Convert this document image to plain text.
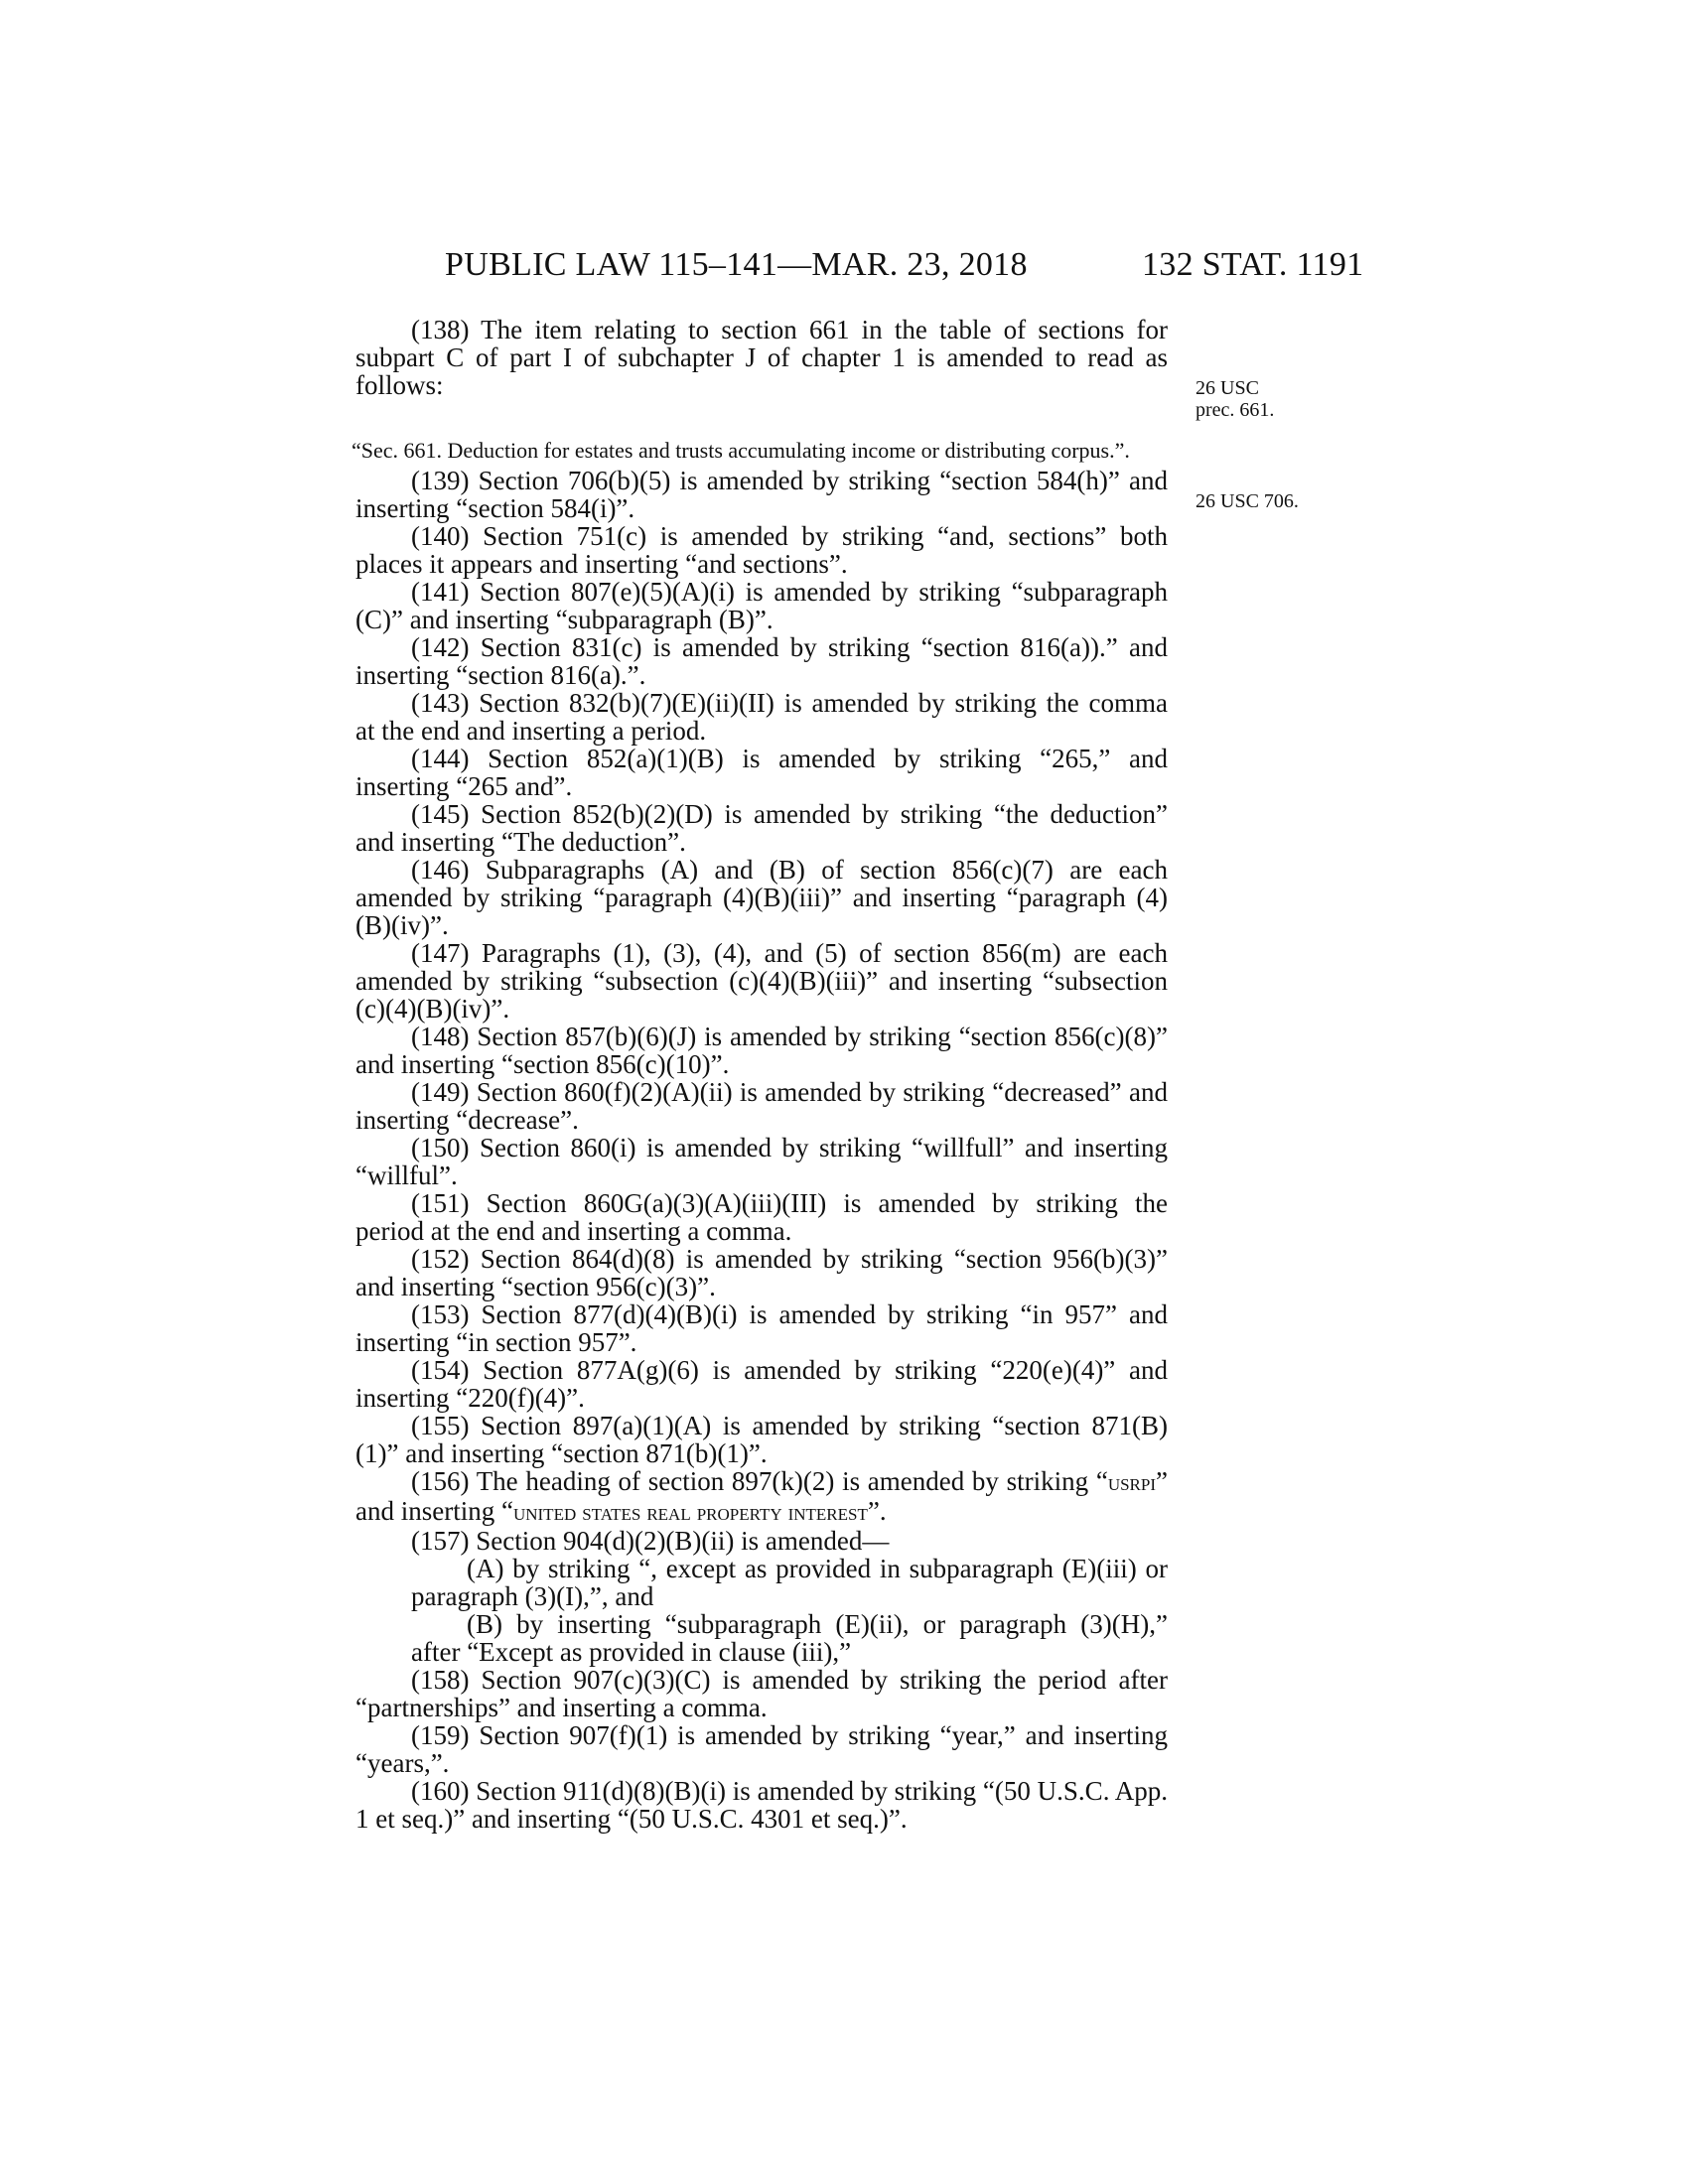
PUBLIC LAW 115–141—MAR. 23, 2018	132 STAT. 1191
26 USC prec. 661.
26 USC 706.

(138) The item relating to section 661 in the table of sections for subpart C of part I of subchapter J of chapter 1 is amended to read as follows:

“Sec. 661. Deduction for estates and trusts accumulating income or distributing corpus.”.

(139) Section 706(b)(5) is amended by striking “section 584(h)” and inserting “section 584(i)”.

(140) Section 751(c) is amended by striking “and, sections” both places it appears and inserting “and sections”.

(141) Section 807(e)(5)(A)(i) is amended by striking “subparagraph (C)” and inserting “subparagraph (B)”.

(142) Section 831(c) is amended by striking “section 816(a)).” and inserting “section 816(a).”.

(143) Section 832(b)(7)(E)(ii)(II) is amended by striking the comma at the end and inserting a period.

(144) Section 852(a)(1)(B) is amended by striking “265,” and inserting “265 and”.

(145) Section 852(b)(2)(D) is amended by striking “the deduction” and inserting “The deduction”.

(146) Subparagraphs (A) and (B) of section 856(c)(7) are each amended by striking “paragraph (4)(B)(iii)” and inserting “paragraph (4)(B)(iv)”.

(147) Paragraphs (1), (3), (4), and (5) of section 856(m) are each amended by striking “subsection (c)(4)(B)(iii)” and inserting “subsection (c)(4)(B)(iv)”.

(148) Section 857(b)(6)(J) is amended by striking “section 856(c)(8)” and inserting “section 856(c)(10)”.

(149) Section 860(f)(2)(A)(ii) is amended by striking “decreased” and inserting “decrease”.

(150) Section 860(i) is amended by striking “willfull” and inserting “willful”.

(151) Section 860G(a)(3)(A)(iii)(III) is amended by striking the period at the end and inserting a comma.

(152) Section 864(d)(8) is amended by striking “section 956(b)(3)” and inserting “section 956(c)(3)”.

(153) Section 877(d)(4)(B)(i) is amended by striking “in 957” and inserting “in section 957”.

(154) Section 877A(g)(6) is amended by striking “220(e)(4)” and inserting “220(f)(4)”.

(155) Section 897(a)(1)(A) is amended by striking “section 871(B)(1)” and inserting “section 871(b)(1)”.

(156) The heading of section 897(k)(2) is amended by striking “usrpi” and inserting “united states real property interest”.

(157) Section 904(d)(2)(B)(ii) is amended—

(A) by striking “, except as provided in subparagraph (E)(iii) or paragraph (3)(I),”, and

(B) by inserting “subparagraph (E)(ii), or paragraph (3)(H),” after “Except as provided in clause (iii),”

(158) Section 907(c)(3)(C) is amended by striking the period after “partnerships” and inserting a comma.

(159) Section 907(f)(1) is amended by striking “year,” and inserting “years,”.

(160) Section 911(d)(8)(B)(i) is amended by striking “(50 U.S.C. App. 1 et seq.)” and inserting “(50 U.S.C. 4301 et seq.)”.
